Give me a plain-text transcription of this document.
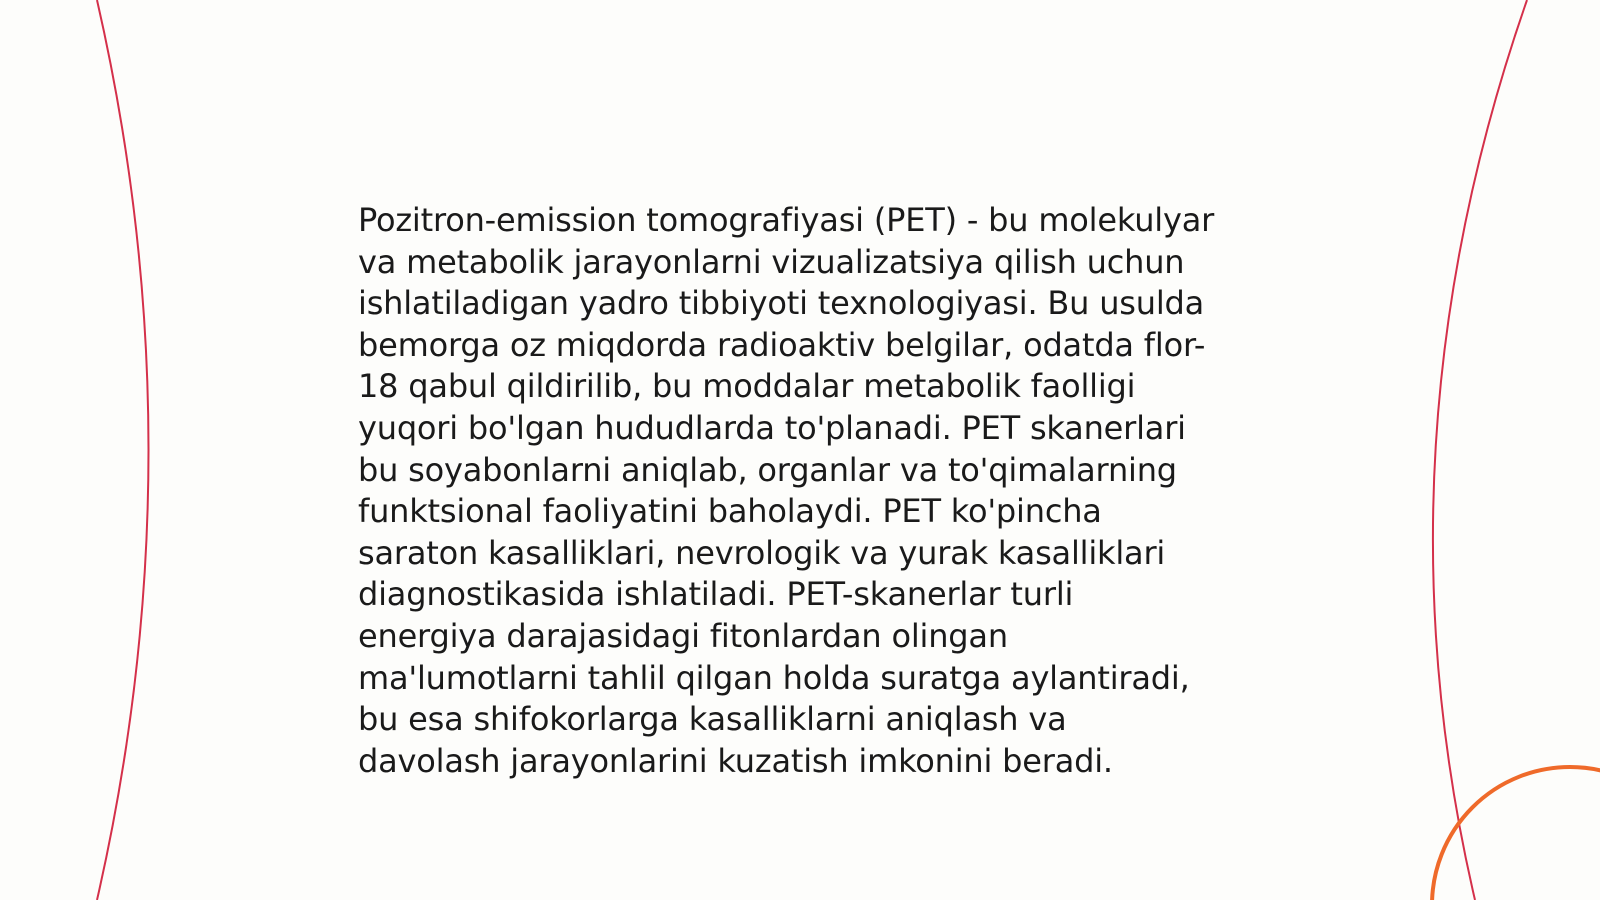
Pozitron-emission tomografiyasi (PET) - bu molekulyar
va metabolik jarayonlarni vizualizatsiya qilish uchun
ishlatiladigan yadro tibbiyoti texnologiyasi. Bu usulda
bemorga oz miqdorda radioaktiv belgilar, odatda flor-
18 qabul qildirilib, bu moddalar metabolik faolligi
yuqori bo'lgan hududlarda to'planadi. PET skanerlari
bu soyabonlarni aniqlab, organlar va to'qimalarning
funktsional faoliyatini baholaydi. PET ko'pincha
saraton kasalliklari, nevrologik va yurak kasalliklari
diagnostikasida ishlatiladi. PET-skanerlar turli
energiya darajasidagi fitonlardan olingan
ma'lumotlarni tahlil qilgan holda suratga aylantiradi,
bu esa shifokorlarga kasalliklarni aniqlash va
davolash jarayonlarini kuzatish imkonini beradi.
